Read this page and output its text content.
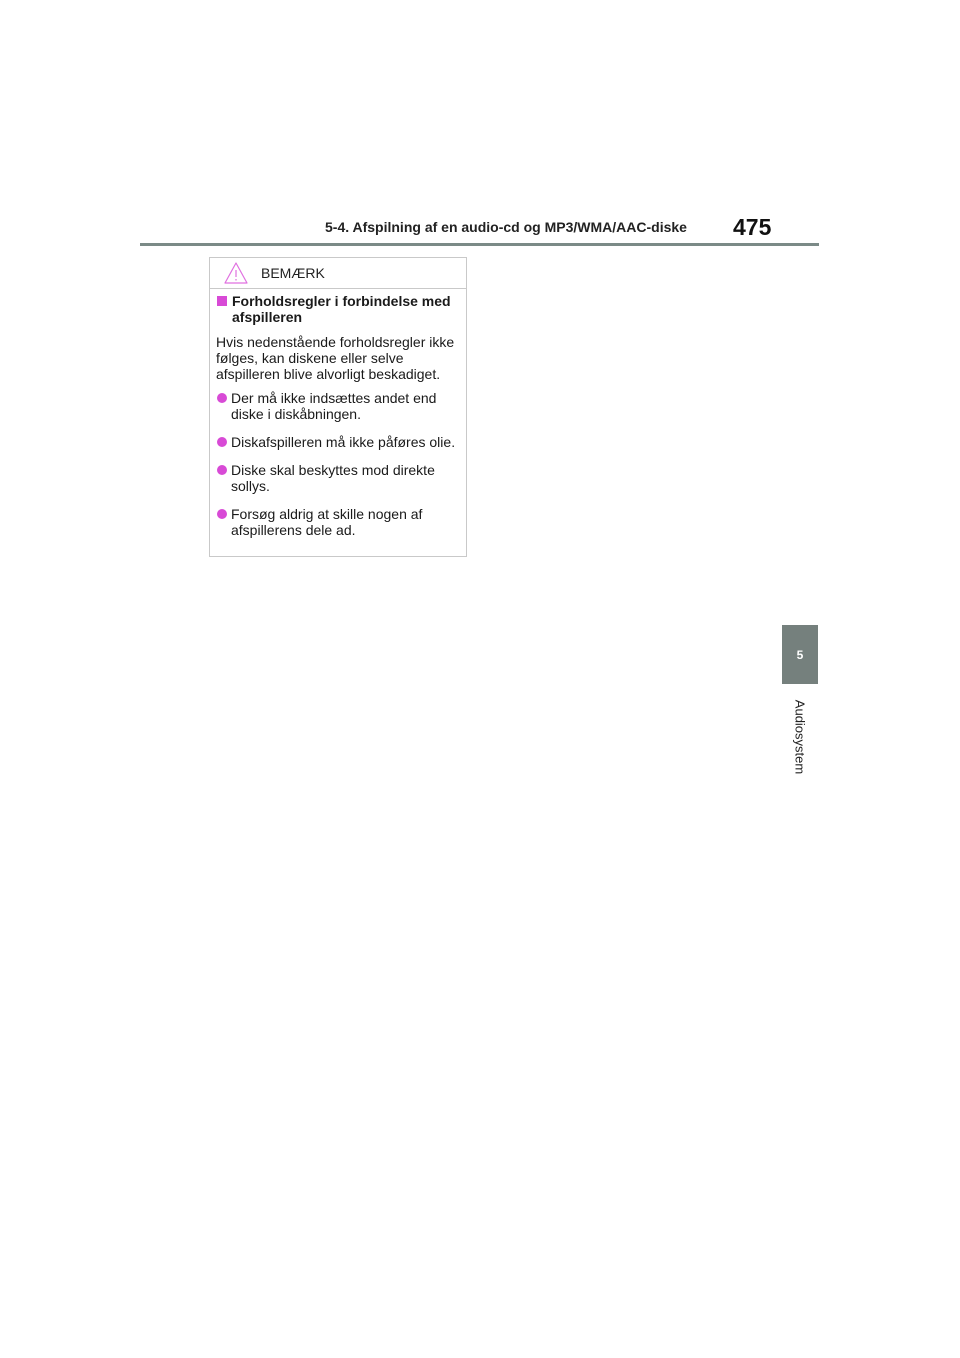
5-4. Afspilning af en audio-cd og MP3/WMA/AAC-diske 475
5
Audiosystem
BEMÆRK
Forholdsregler i forbindelse med afspilleren

Hvis nedenstående forholdsregler ikke følges, kan diskene eller selve afspilleren blive alvorligt beskadiget.

Der må ikke indsættes andet end diske i diskåbningen.
Diskafspilleren må ikke påføres olie.
Diske skal beskyttes mod direkte sollys.
Forsøg aldrig at skille nogen af afspillerens dele ad.
